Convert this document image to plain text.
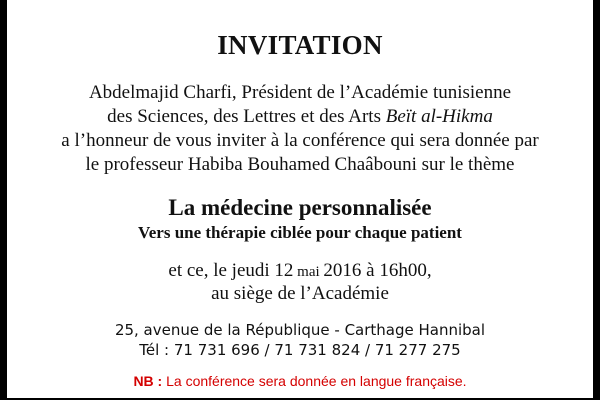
INVITATION
Abdelmajid Charfi, Président de l’Académie tunisienne
des Sciences, des Lettres et des Arts Beït al-Hikma
a l’honneur de vous inviter à la conférence qui sera donnée par
le professeur Habiba Bouhamed Chaâbouni sur le thème
La médecine personnalisée
Vers une thérapie ciblée pour chaque patient
et ce, le jeudi 12 mai 2016 à 16h00,
au siège de l’Académie
25, avenue de la République - Carthage Hannibal
Tél : 71 731 696 / 71 731 824 / 71 277 275
NB : La conférence sera donnée en langue française.
